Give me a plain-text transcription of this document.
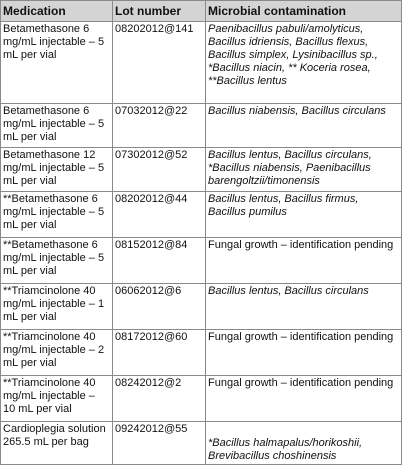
Medication	Lot number	Microbial contamination
Betamethasone 6 mg/mL injectable – 5 mL per vial	08202012@141	Paenibacillus pabuli/amolyticus, Bacillus idriensis, Bacillus flexus, Bacillus simplex, Lysinibacillus sp., *Bacillus niacin, ** Koceria rosea, **Bacillus lentus
Betamethasone 6 mg/mL injectable – 5 mL per vial	07032012@22	Bacillus niabensis, Bacillus circulans
Betamethasone 12 mg/mL injectable – 5 mL per vial	07302012@52	Bacillus lentus, Bacillus circulans, *Bacillus niabensis, Paenibacillus barengoltzii/timonensis
**Betamethasone 6 mg/mL injectable – 5 mL per vial	08202012@44	Bacillus lentus, Bacillus firmus, Bacillus pumilus
**Betamethasone 6 mg/mL injectable – 5 mL per vial	08152012@84	Fungal growth – identification pending
**Triamcinolone 40 mg/mL injectable – 1 mL per vial	06062012@6	Bacillus lentus, Bacillus circulans
**Triamcinolone 40 mg/mL injectable – 2 mL per vial	08172012@60	Fungal growth – identification pending
**Triamcinolone 40 mg/mL injectable – 10 mL per vial	08242012@2	Fungal growth – identification pending
Cardioplegia solution 265.5 mL per bag	09242012@55	*Bacillus halmapalus/horikoshii, Brevibacillus choshinensis
